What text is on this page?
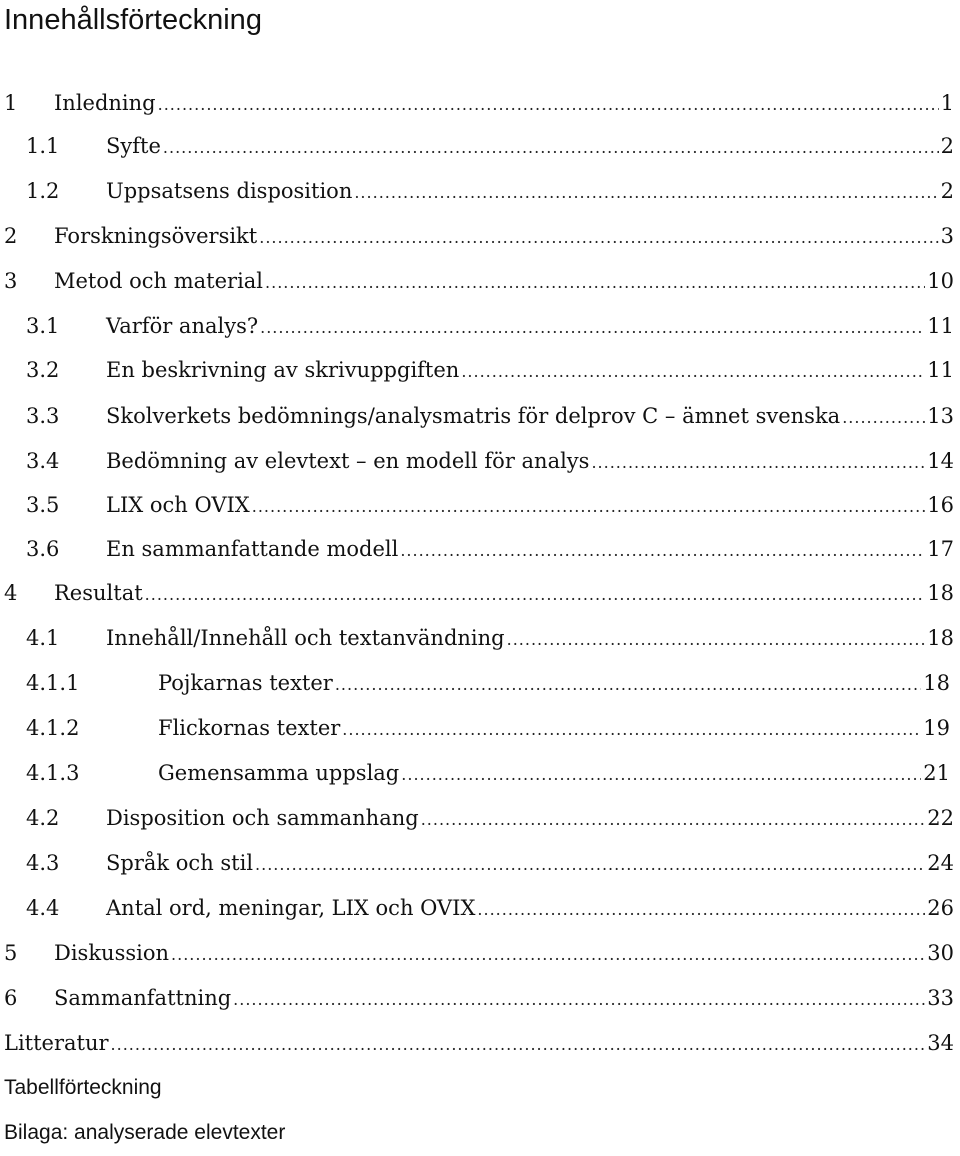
Innehållsförteckning
1	Inledning .....	1
1.1	Syfte .....	2
1.2	Uppsatsens disposition .....	2
2	Forskningsöversikt .....	3
3	Metod och material .....	10
3.1	Varför analys? .....	11
3.2	En beskrivning av skrivuppgiften .....	11
3.3	Skolverkets bedömnings/analysmatris för delprov C – ämnet svenska .....	13
3.4	Bedömning av elevtext – en modell för analys .....	14
3.5	LIX och OVIX .....	16
3.6	En sammanfattande modell .....	17
4	Resultat .....	18
4.1	Innehåll/Innehåll och textanvändning .....	18
4.1.1	Pojkarnas texter .....	18
4.1.2	Flickornas texter .....	19
4.1.3	Gemensamma uppslag .....	21
4.2	Disposition och sammanhang .....	22
4.3	Språk och stil .....	24
4.4	Antal ord, meningar, LIX och OVIX .....	26
5	Diskussion .....	30
6	Sammanfattning .....	33
Litteratur .....	34
Tabellförteckning
Bilaga: analyserade elevtexter
